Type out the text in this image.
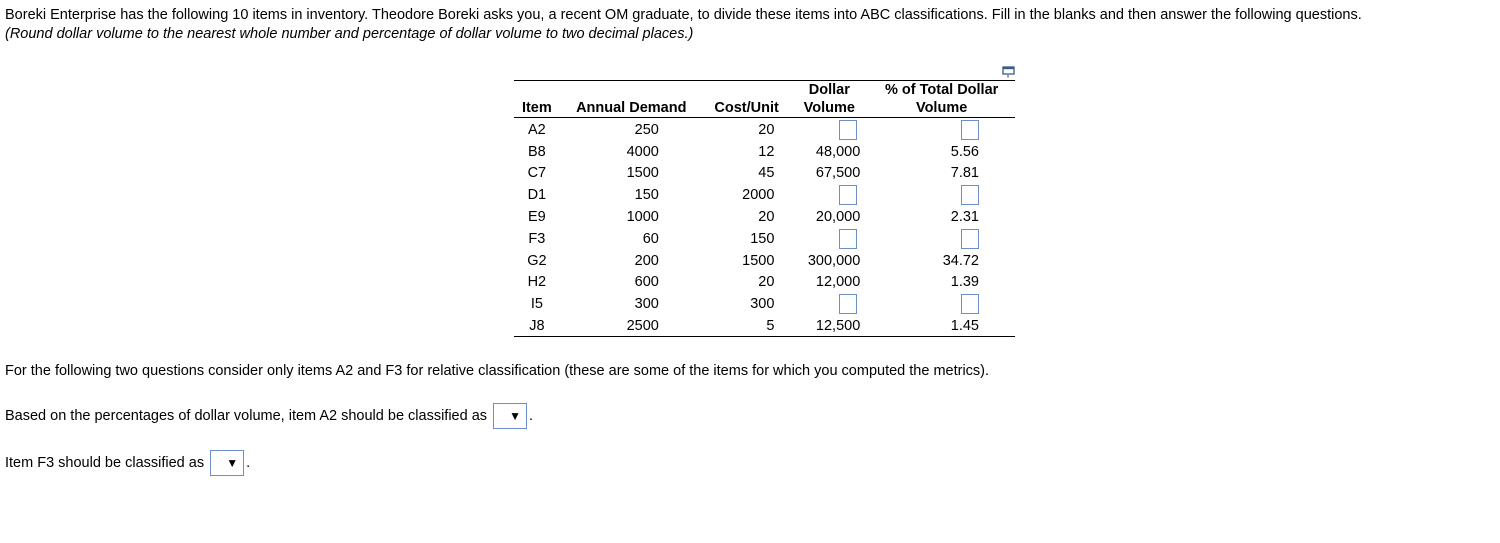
Boreki Enterprise has the following 10 items in inventory. Theodore Boreki asks you, a recent OM graduate, to divide these items into ABC classifications. Fill in the blanks and then answer the following questions.
(Round dollar volume to the nearest whole number and percentage of dollar volume to two decimal places.)
			Dollar	% of Total Dollar
Item	Annual Demand	Cost/Unit	Volume	Volume
A2	250	20		
B8	4000	12	48,000	5.56
C7	1500	45	67,500	7.81
D1	150	2000		
E9	1000	20	20,000	2.31
F3	60	150		
G2	200	1500	300,000	34.72
H2	600	20	12,000	1.39
I5	300	300		
J8	2500	5	12,500	1.45
For the following two questions consider only items A2 and F3 for relative classification (these are some of the items for which you computed the metrics).
Based on the percentages of dollar volume, item A2 should be classified as ▼ .
Item F3 should be classified as ▼ .
